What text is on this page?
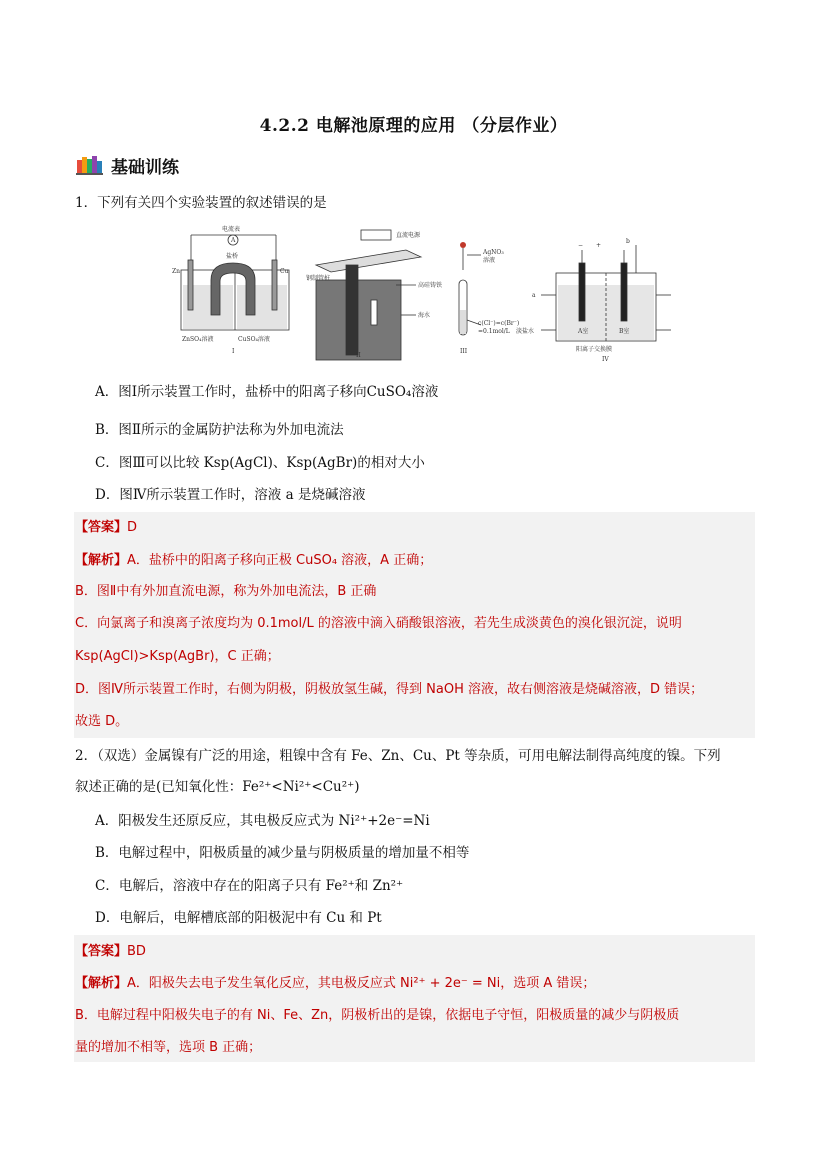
4.2.2 电解池原理的应用 （分层作业）
基础训练
1．下列有关四个实验装置的叙述错误的是
电流表
A
盐桥
Zn	Cu
ZnSO₄溶液	CuSO₄溶液
I
直流电源
钢制管桩
高硅铸铁
海水
II
AgNO₃
溶液
c(Cl⁻)=c(Br⁻)
=0.1mol/L
III
− +
b
a
A室	B室
淡盐水
阳离子交换膜
IV
A．图Ⅰ所示装置工作时，盐桥中的阳离子移向CuSO₄溶液
B．图Ⅱ所示的金属防护法称为外加电流法
C．图Ⅲ可以比较 Ksp(AgCl)、Ksp(AgBr)的相对大小
D．图Ⅳ所示装置工作时，溶液 a 是烧碱溶液
【答案】D
【解析】A．盐桥中的阳离子移向正极 CuSO₄ 溶液，A 正确；
B．图Ⅱ中有外加直流电源，称为外加电流法，B 正确
C．向氯离子和溴离子浓度均为 0.1mol/L 的溶液中滴入硝酸银溶液，若先生成淡黄色的溴化银沉淀，说明
Ksp(AgCl)>Ksp(AgBr)，C 正确；
D．图Ⅳ所示装置工作时，右侧为阴极，阴极放氢生碱，得到 NaOH 溶液，故右侧溶液是烧碱溶液，D 错误；
故选 D。
2．（双选）金属镍有广泛的用途，粗镍中含有 Fe、Zn、Cu、Pt 等杂质，可用电解法制得高纯度的镍。下列
叙述正确的是(已知氧化性：Fe²⁺<Ni²⁺<Cu²⁺)
A．阳极发生还原反应，其电极反应式为 Ni²⁺+2e⁻=Ni
B．电解过程中，阳极质量的减少量与阴极质量的增加量不相等
C．电解后，溶液中存在的阳离子只有 Fe²⁺和 Zn²⁺
D．电解后，电解槽底部的阳极泥中有 Cu 和 Pt
【答案】BD
【解析】A．阳极失去电子发生氧化反应，其电极反应式 Ni²⁺ + 2e⁻ = Ni，选项 A 错误；
B．电解过程中阳极失电子的有 Ni、Fe、Zn，阴极析出的是镍，依据电子守恒，阳极质量的减少与阴极质
量的增加不相等，选项 B 正确；
